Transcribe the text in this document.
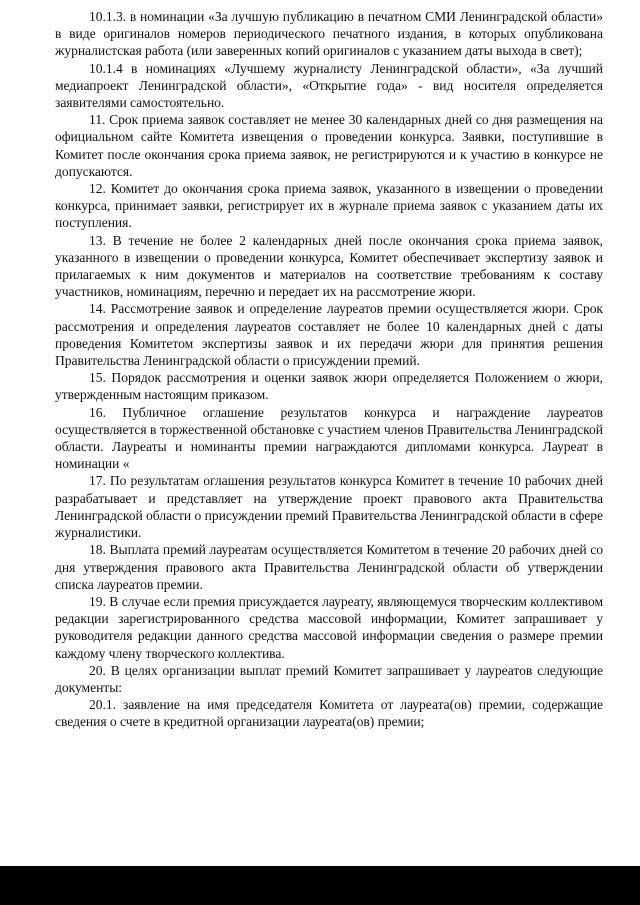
10.1.3. в номинации «За лучшую публикацию в печатном СМИ Ленинградской области» в виде оригиналов номеров периодического печатного издания, в которых опубликована журналистская работа (или заверенных копий оригиналов с указанием даты выхода в свет);

10.1.4 в номинациях «Лучшему журналисту Ленинградской области», «За лучший медиапроект Ленинградской области», «Открытие года» - вид носителя определяется заявителями самостоятельно.

11. Срок приема заявок составляет не менее 30 календарных дней со дня размещения на официальном сайте Комитета извещения о проведении конкурса. Заявки, поступившие в Комитет после окончания срока приема заявок, не регистрируются и к участию в конкурсе не допускаются.

12. Комитет до окончания срока приема заявок, указанного в извещении о проведении конкурса, принимает заявки, регистрирует их в журнале приема заявок с указанием даты их поступления.

13. В течение не более 2 календарных дней после окончания срока приема заявок, указанного в извещении о проведении конкурса, Комитет обеспечивает экспертизу заявок и прилагаемых к ним документов и материалов на соответствие требованиям к составу участников, номинациям, перечню и передает их на рассмотрение жюри.

14. Рассмотрение заявок и определение лауреатов премии осуществляется жюри. Срок рассмотрения и определения лауреатов составляет не более 10 календарных дней с даты проведения Комитетом экспертизы заявок и их передачи жюри для принятия решения Правительства Ленинградской области о присуждении премий.

15. Порядок рассмотрения и оценки заявок жюри определяется Положением о жюри, утвержденным настоящим приказом.

16. Публичное оглашение результатов конкурса и награждение лауреатов осуществляется в торжественной обстановке с участием членов Правительства Ленинградской области. Лауреаты и номинанты премии награждаются дипломами конкурса. Лауреат в номинации «

17. По результатам оглашения результатов конкурса Комитет в течение 10 рабочих дней разрабатывает и представляет на утверждение проект правового акта Правительства Ленинградской области о присуждении премий Правительства Ленинградской области в сфере журналистики.

18. Выплата премий лауреатам осуществляется Комитетом в течение 20 рабочих дней со дня утверждения правового акта Правительства Ленинградской области об утверждении списка лауреатов премии.

19. В случае если премия присуждается лауреату, являющемуся творческим коллективом редакции зарегистрированного средства массовой информации, Комитет запрашивает у руководителя редакции данного средства массовой информации сведения о размере премии каждому члену творческого коллектива.

20. В целях организации выплат премий Комитет запрашивает у лауреатов следующие документы:

20.1. заявление на имя председателя Комитета от лауреата(ов) премии, содержащие сведения о счете в кредитной организации лауреата(ов) премии;
